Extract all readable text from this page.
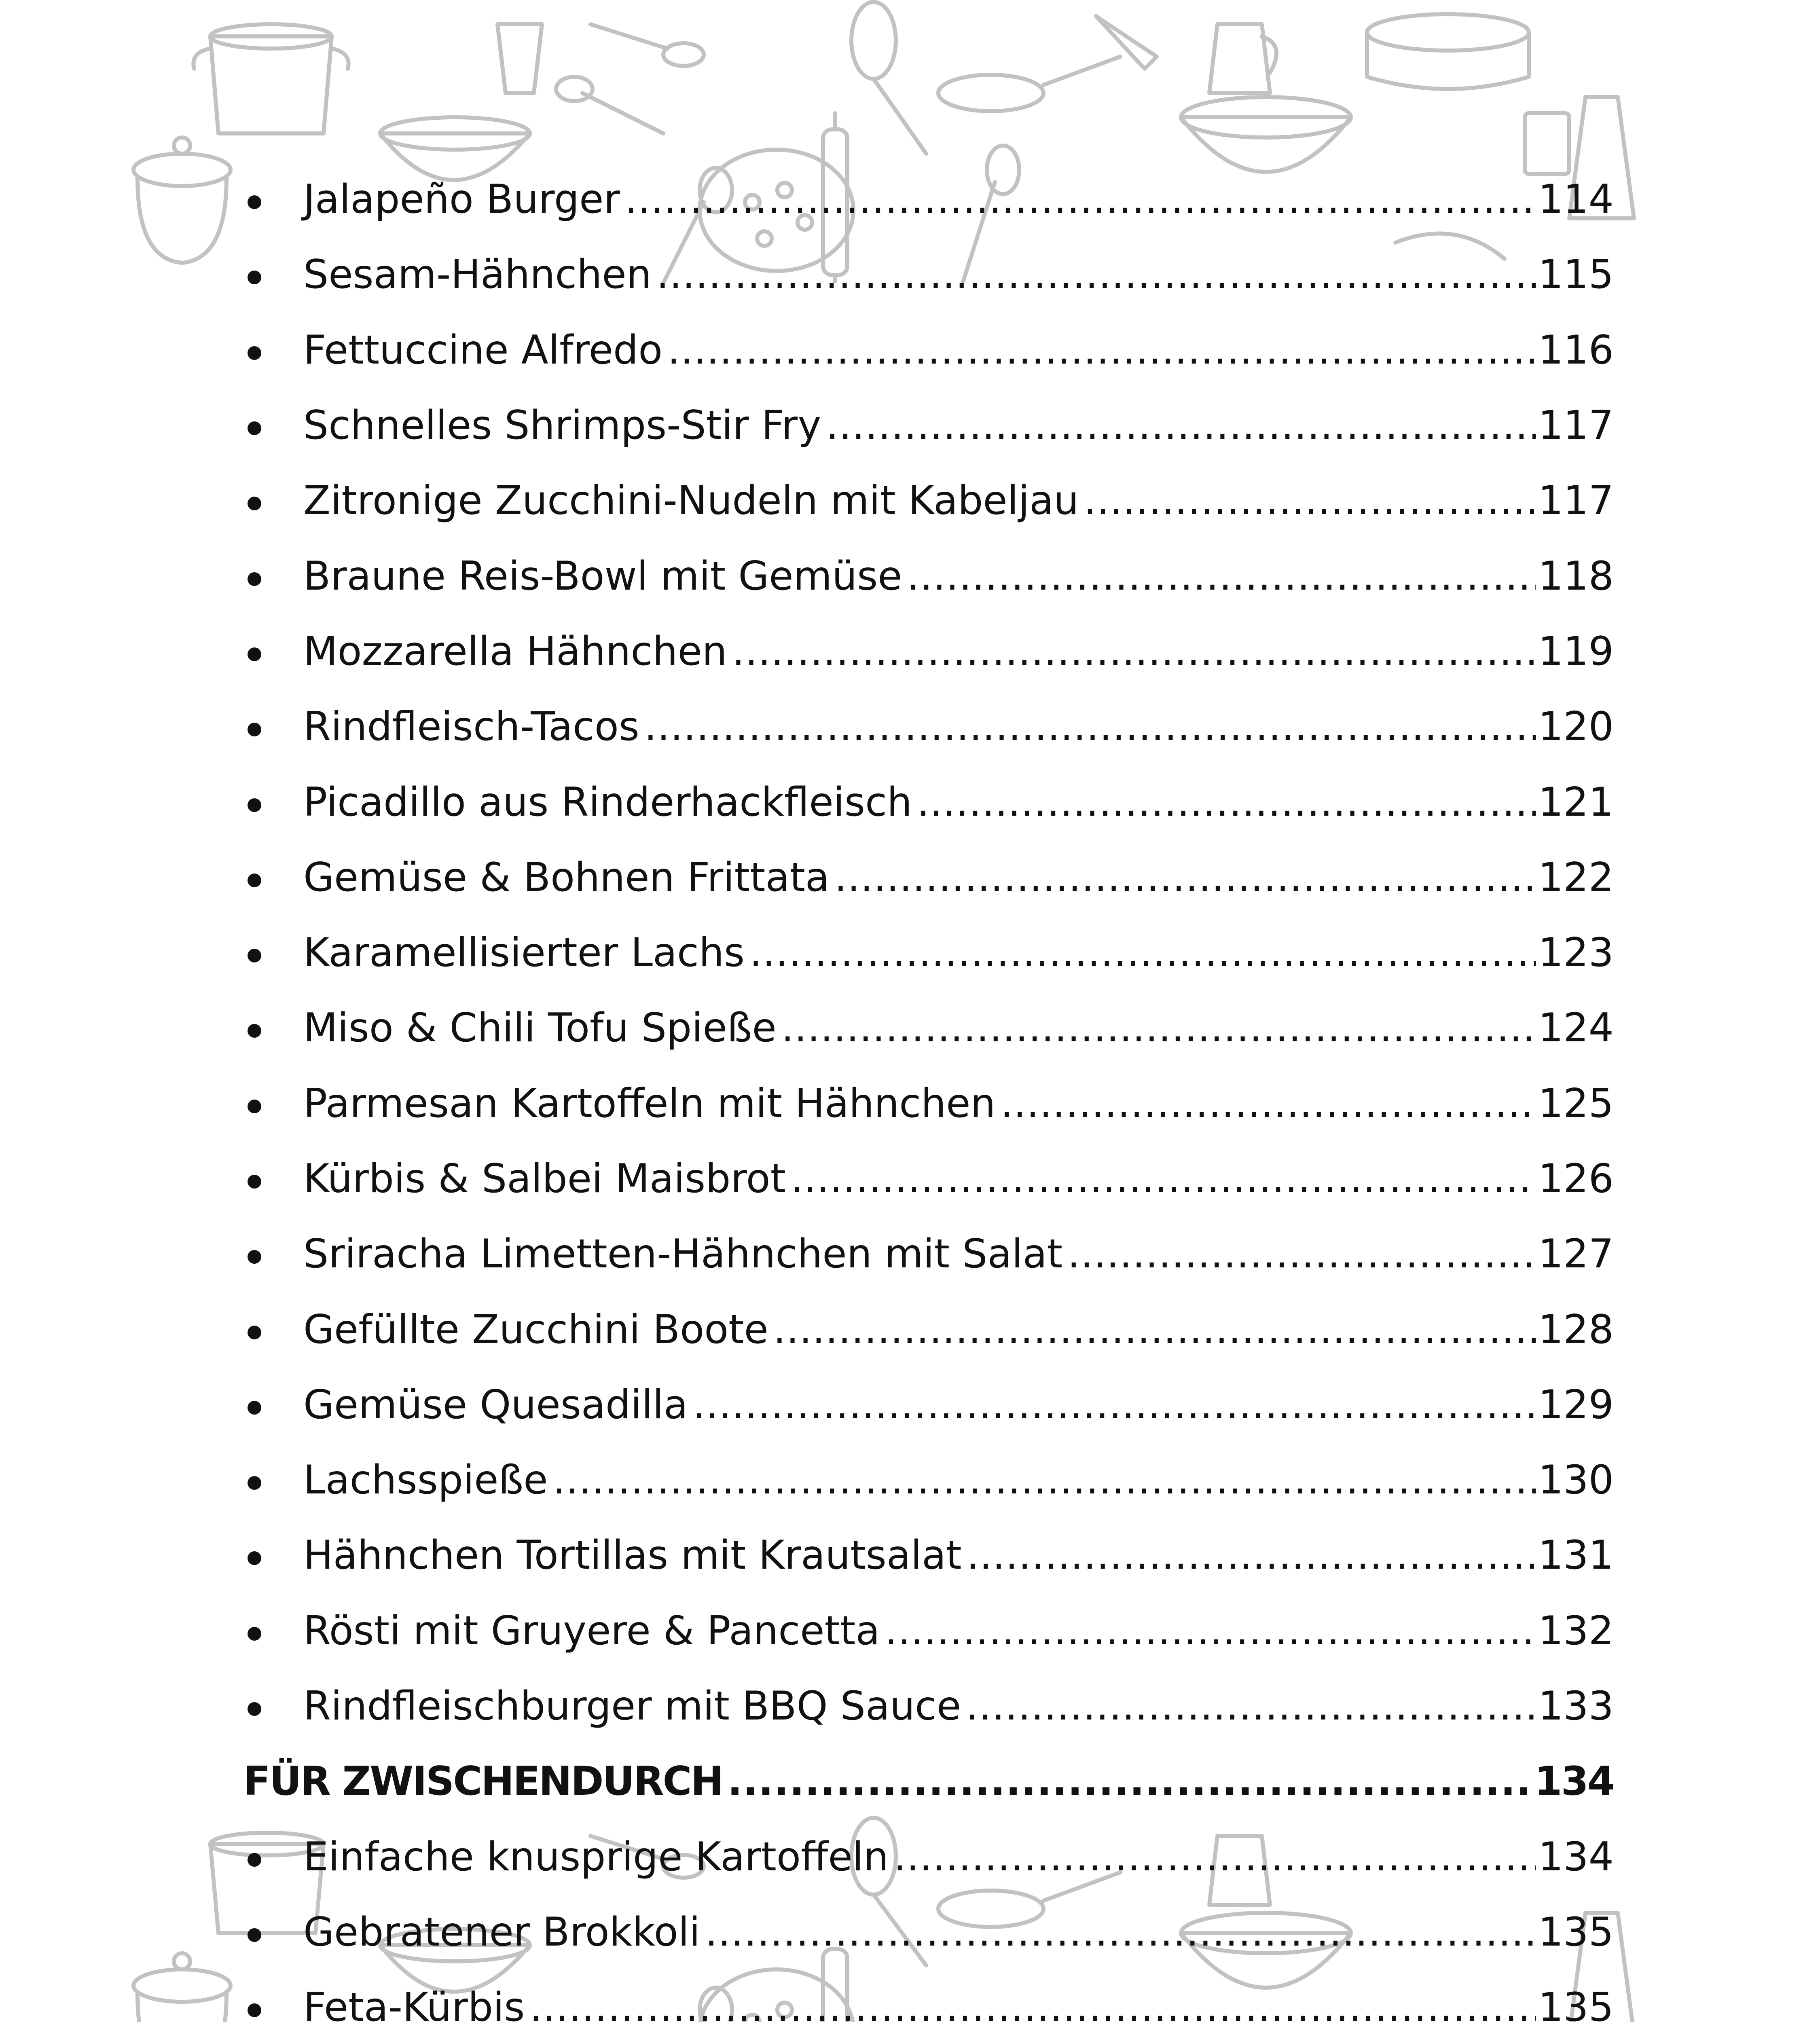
Jalapeño Burger .....	114
Sesam-Hähnchen .....	115
Fettuccine Alfredo .....	116
Schnelles Shrimps-Stir Fry .....	117
Zitronige Zucchini-Nudeln mit Kabeljau .....	117
Braune Reis-Bowl mit Gemüse .....	118
Mozzarella Hähnchen .....	119
Rindfleisch-Tacos .....	120
Picadillo aus Rinderhackfleisch .....	121
Gemüse & Bohnen Frittata .....	122
Karamellisierter Lachs .....	123
Miso & Chili Tofu Spieße .....	124
Parmesan Kartoffeln mit Hähnchen .....	125
Kürbis & Salbei Maisbrot .....	126
Sriracha Limetten-Hähnchen mit Salat .....	127
Gefüllte Zucchini Boote .....	128
Gemüse Quesadilla .....	129
Lachsspieße .....	130
Hähnchen Tortillas mit Krautsalat .....	131
Rösti mit Gruyere & Pancetta .....	132
Rindfleischburger mit BBQ Sauce .....	133
FÜR ZWISCHENDURCH .....	134
Einfache knusprige Kartoffeln .....	134
Gebratener Brokkoli .....	135
Feta-Kürbis .....	135
